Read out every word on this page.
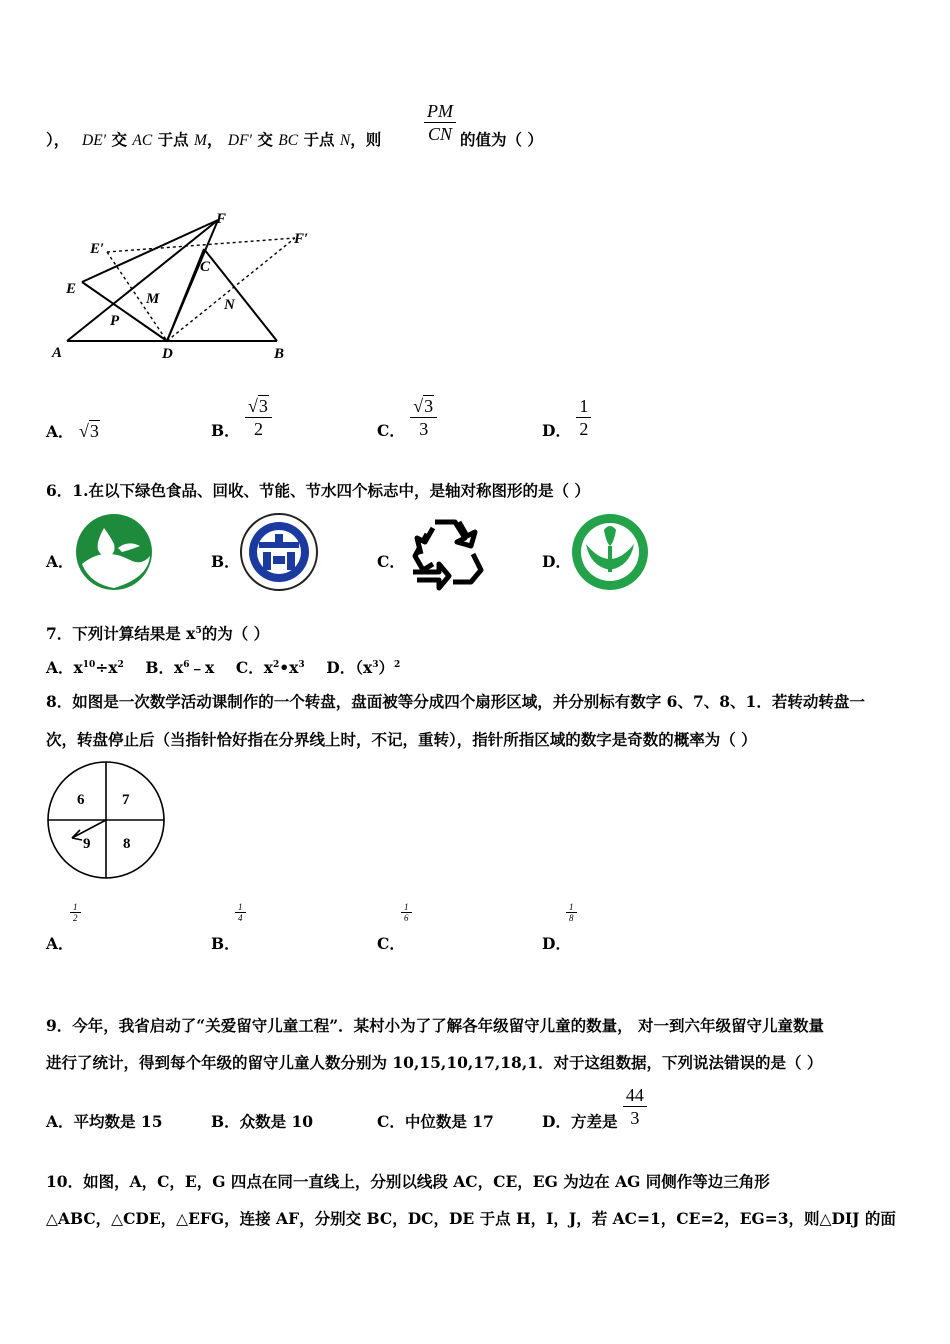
）， DE′ 交 AC 于点 M， DF′ 交 BC 于点 N，则 $\frac{PM}{CN}$ 的值为（ ）
F
E′
F′
C
E
M	N
P
A	D	B
A． √3	B． $\frac{√3}{2}$	C． $\frac{√3}{3}$	D． $\frac{1}{2}$
6．1.在以下绿色食品、回收、节能、节水四个标志中，是轴对称图形的是（ ）
A．	B．	C．	D．
7．下列计算结果是 $x^5$的为（ ）
A．$x^{10}\div x^2$ B．$x^6﹣x$ C．$x^2•x^3$ D．$(x^3)^2$
8．如图是一次数学活动课制作的一个转盘，盘面被等分成四个扇形区域，并分别标有数字 6、7、8、1．若转动转盘一
次，转盘停止后（当指针恰好指在分界线上时，不记，重转），指针所指区域的数字是奇数的概率为（ ）
6	7
9 8
$\frac{1}{2}$
A．
$\frac{1}{4}$
B．
$\frac{1}{6}$
C．
$\frac{1}{8}$
D．
9．今年，我省启动了“关爱留守儿童工程”．某村小为了了解各年级留守儿童的数量， 对一到六年级留守儿童数量
进行了统计，得到每个年级的留守儿童人数分别为 10,15,10,17,18,1．对于这组数据，下列说法错误的是（ ）
A．平均数是 15	B．众数是 10	C．中位数是 17	D．方差是 $\frac{44}{3}$
10．如图，A，C，E，G 四点在同一直线上，分别以线段 AC，CE，EG 为边在 AG 同侧作等边三角形
△ABC，△CDE，△EFG，连接 AF，分别交 BC，DC，DE 于点 H，I，J，若 AC=1，CE=2，EG=3，则△DIJ 的面
